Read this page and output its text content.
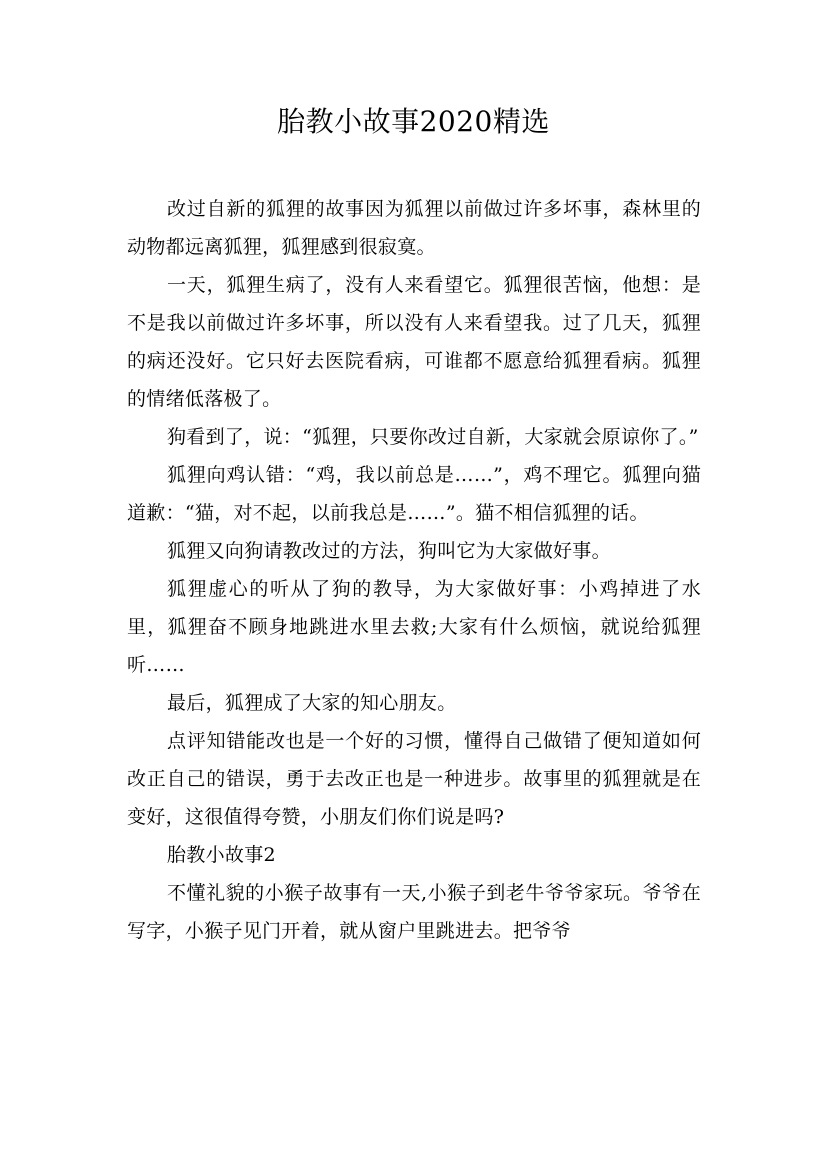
胎教小故事2020精选

改过自新的狐狸的故事因为狐狸以前做过许多坏事，森林里的动物都远离狐狸，狐狸感到很寂寞。

一天，狐狸生病了，没有人来看望它。狐狸很苦恼，他想：是不是我以前做过许多坏事，所以没有人来看望我。过了几天，狐狸的病还没好。它只好去医院看病，可谁都不愿意给狐狸看病。狐狸的情绪低落极了。

狗看到了，说：“狐狸，只要你改过自新，大家就会原谅你了。”

狐狸向鸡认错：“鸡，我以前总是……”，鸡不理它。狐狸向猫道歉：“猫，对不起，以前我总是……”。猫不相信狐狸的话。

狐狸又向狗请教改过的方法，狗叫它为大家做好事。

狐狸虚心的听从了狗的教导，为大家做好事：小鸡掉进了水里，狐狸奋不顾身地跳进水里去救;大家有什么烦恼，就说给狐狸听……

最后，狐狸成了大家的知心朋友。

点评知错能改也是一个好的习惯，懂得自己做错了便知道如何改正自己的错误，勇于去改正也是一种进步。故事里的狐狸就是在变好，这很值得夸赞，小朋友们你们说是吗?

胎教小故事2

不懂礼貌的小猴子故事有一天,小猴子到老牛爷爷家玩。爷爷在写字，小猴子见门开着，就从窗户里跳进去。把爷爷
